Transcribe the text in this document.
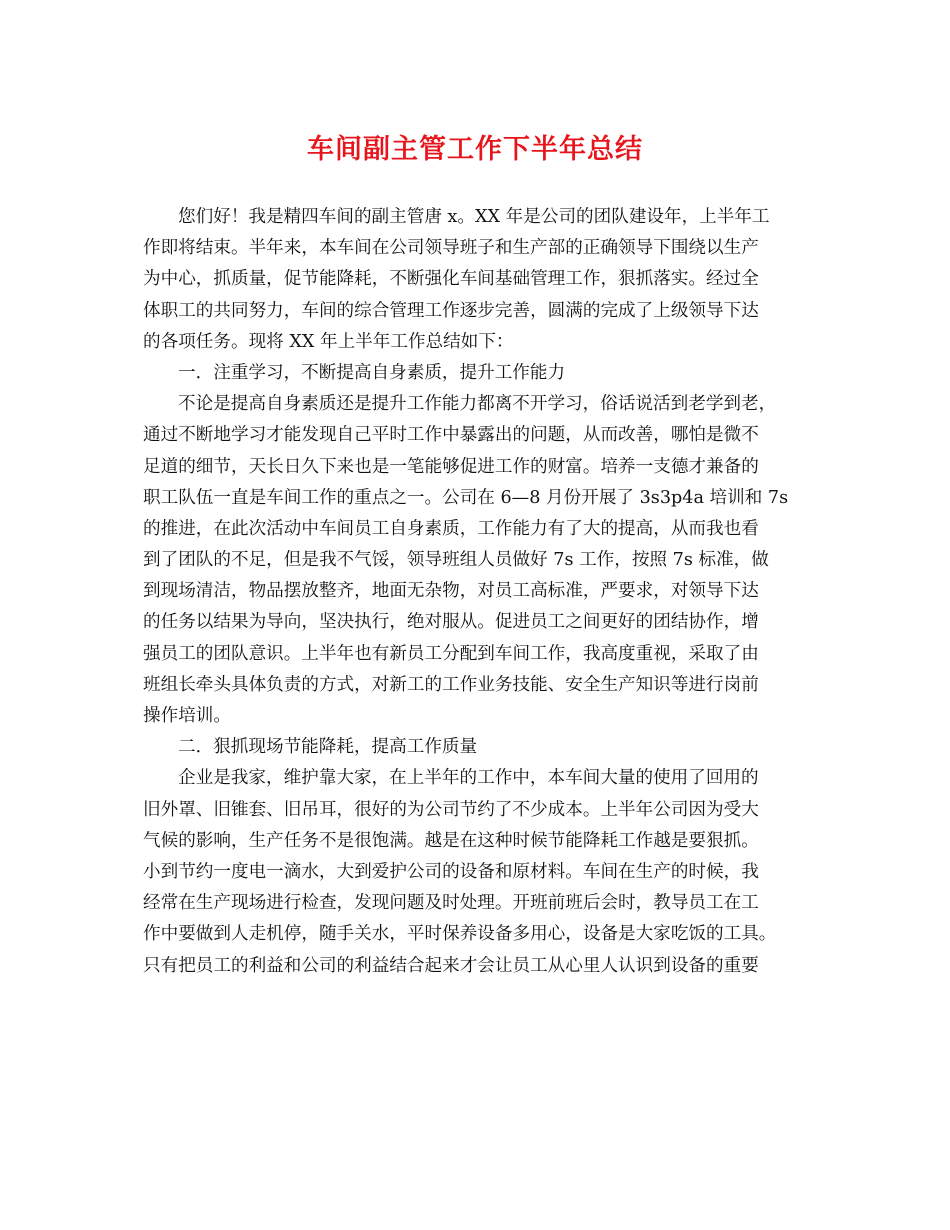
车间副主管工作下半年总结
您们好！我是精四车间的副主管唐 x。XX 年是公司的团队建设年，上半年工
作即将结束。半年来，本车间在公司领导班子和生产部的正确领导下围绕以生产
为中心，抓质量，促节能降耗，不断强化车间基础管理工作，狠抓落实。经过全
体职工的共同努力，车间的综合管理工作逐步完善，圆满的完成了上级领导下达
的各项任务。现将 XX 年上半年工作总结如下：
一．注重学习，不断提高自身素质，提升工作能力
不论是提高自身素质还是提升工作能力都离不开学习，俗话说活到老学到老，
通过不断地学习才能发现自己平时工作中暴露出的问题，从而改善，哪怕是微不
足道的细节，天长日久下来也是一笔能够促进工作的财富。培养一支德才兼备的
职工队伍一直是车间工作的重点之一。公司在 6—8 月份开展了 3s3p4a 培训和 7s
的推进，在此次活动中车间员工自身素质，工作能力有了大的提高，从而我也看
到了团队的不足，但是我不气馁，领导班组人员做好 7s 工作，按照 7s 标准，做
到现场清洁，物品摆放整齐，地面无杂物，对员工高标准，严要求，对领导下达
的任务以结果为导向，坚决执行，绝对服从。促进员工之间更好的团结协作，增
强员工的团队意识。上半年也有新员工分配到车间工作，我高度重视，采取了由
班组长牵头具体负责的方式，对新工的工作业务技能、安全生产知识等进行岗前
操作培训。
二．狠抓现场节能降耗，提高工作质量
企业是我家，维护靠大家，在上半年的工作中，本车间大量的使用了回用的
旧外罩、旧锥套、旧吊耳，很好的为公司节约了不少成本。上半年公司因为受大
气候的影响，生产任务不是很饱满。越是在这种时候节能降耗工作越是要狠抓。
小到节约一度电一滴水，大到爱护公司的设备和原材料。车间在生产的时候，我
经常在生产现场进行检查，发现问题及时处理。开班前班后会时，教导员工在工
作中要做到人走机停，随手关水，平时保养设备多用心，设备是大家吃饭的工具。
只有把员工的利益和公司的利益结合起来才会让员工从心里人认识到设备的重要
